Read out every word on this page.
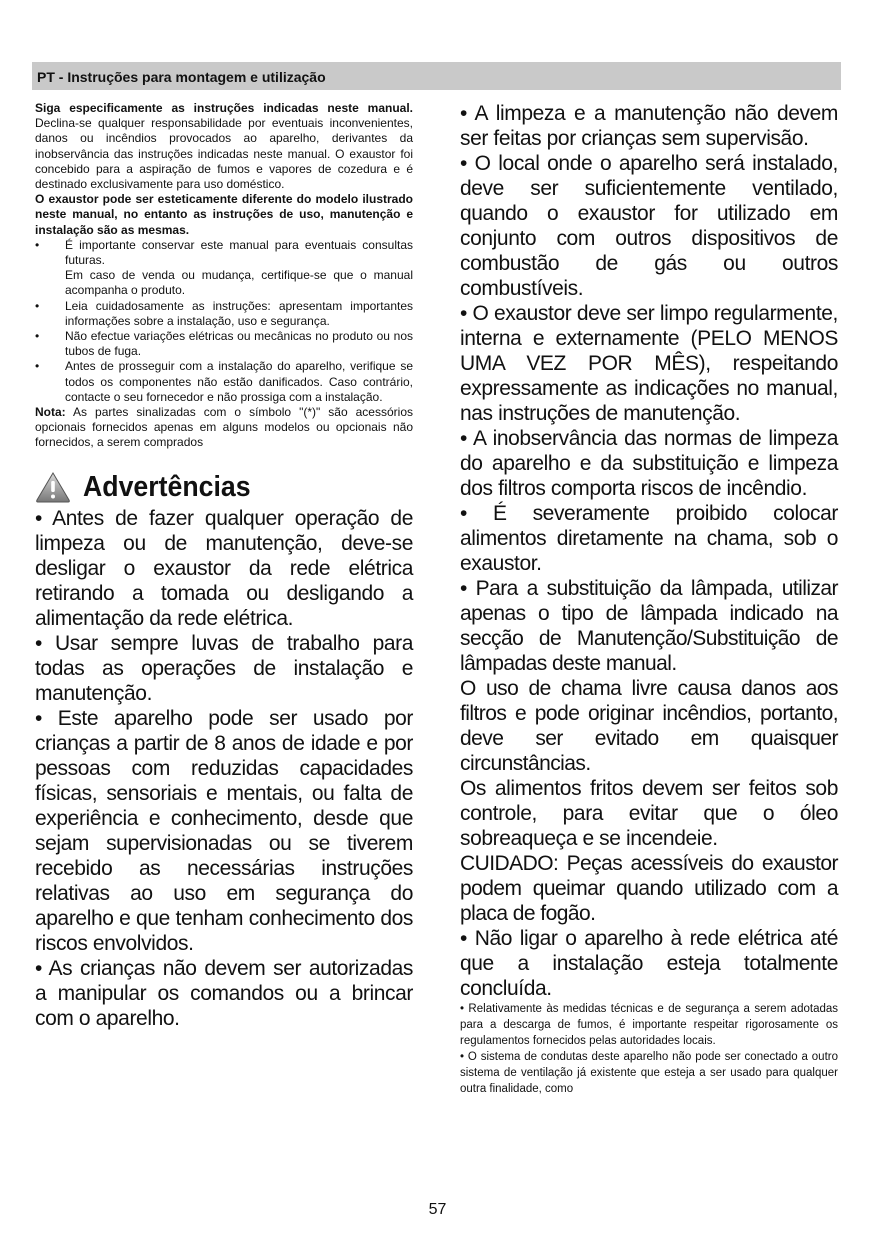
PT - Instruções para montagem e utilização

Siga especificamente as instruções indicadas neste manual. Declina-se qualquer responsabilidade por eventuais inconvenientes, danos ou incêndios provocados ao aparelho, derivantes da inobservância das instruções indicadas neste manual. O exaustor foi concebido para a aspiração de fumos e vapores de cozedura e é destinado exclusivamente para uso doméstico.

O exaustor pode ser esteticamente diferente do modelo ilustrado neste manual, no entanto as instruções de uso, manutenção e instalação são as mesmas.

• É importante conservar este manual para eventuais consultas futuras.

Em caso de venda ou mudança, certifique-se que o manual acompanha o produto.

• Leia cuidadosamente as instruções: apresentam importantes informações sobre a instalação, uso e segurança.

• Não efectue variações elétricas ou mecânicas no produto ou nos tubos de fuga.

• Antes de prosseguir com a instalação do aparelho, verifique se todos os componentes não estão danificados. Caso contrário, contacte o seu fornecedor e não prossiga com a instalação.

Nota: As partes sinalizadas com o símbolo "(*)" são acessórios opcionais fornecidos apenas em alguns modelos ou opcionais não fornecidos, a serem comprados

Advertências

• Antes de fazer qualquer operação de limpeza ou de manutenção, deve-se desligar o exaustor da rede elétrica retirando a tomada ou desligando a alimentação da rede elétrica.

• Usar sempre luvas de trabalho para todas as operações de instalação e manutenção.

• Este aparelho pode ser usado por crianças a partir de 8 anos de idade e por pessoas com reduzidas capacidades físicas, sensoriais e mentais, ou falta de experiência e conhecimento, desde que sejam supervisionadas ou se tiverem recebido as necessárias instruções relativas ao uso em segurança do aparelho e que tenham conhecimento dos riscos envolvidos.

• As crianças não devem ser autorizadas a manipular os comandos ou a brincar com o aparelho.

• A limpeza e a manutenção não devem ser feitas por crianças sem supervisão.

• O local onde o aparelho será instalado, deve ser suficientemente ventilado, quando o exaustor for utilizado em conjunto com outros dispositivos de combustão de gás ou outros combustíveis.

• O exaustor deve ser limpo regularmente, interna e externamente (PELO MENOS UMA VEZ POR MÊS), respeitando expressamente as indicações no manual, nas instruções de manutenção.

• A inobservância das normas de limpeza do aparelho e da substituição e limpeza dos filtros comporta riscos de incêndio.

• É severamente proibido colocar alimentos diretamente na chama, sob o exaustor.

• Para a substituição da lâmpada, utilizar apenas o tipo de lâmpada indicado na secção de Manutenção/Substituição de lâmpadas deste manual.

O uso de chama livre causa danos aos filtros e pode originar incêndios, portanto, deve ser evitado em quaisquer circunstâncias.

Os alimentos fritos devem ser feitos sob controle, para evitar que o óleo sobreaqueça e se incendeie.

CUIDADO: Peças acessíveis do exaustor podem queimar quando utilizado com a placa de fogão.

• Não ligar o aparelho à rede elétrica até que a instalação esteja totalmente concluída.

• Relativamente às medidas técnicas e de segurança a serem adotadas para a descarga de fumos, é importante respeitar rigorosamente os regulamentos fornecidos pelas autoridades locais.

• O sistema de condutas deste aparelho não pode ser conectado a outro sistema de ventilação já existente que esteja a ser usado para qualquer outra finalidade, como

57
